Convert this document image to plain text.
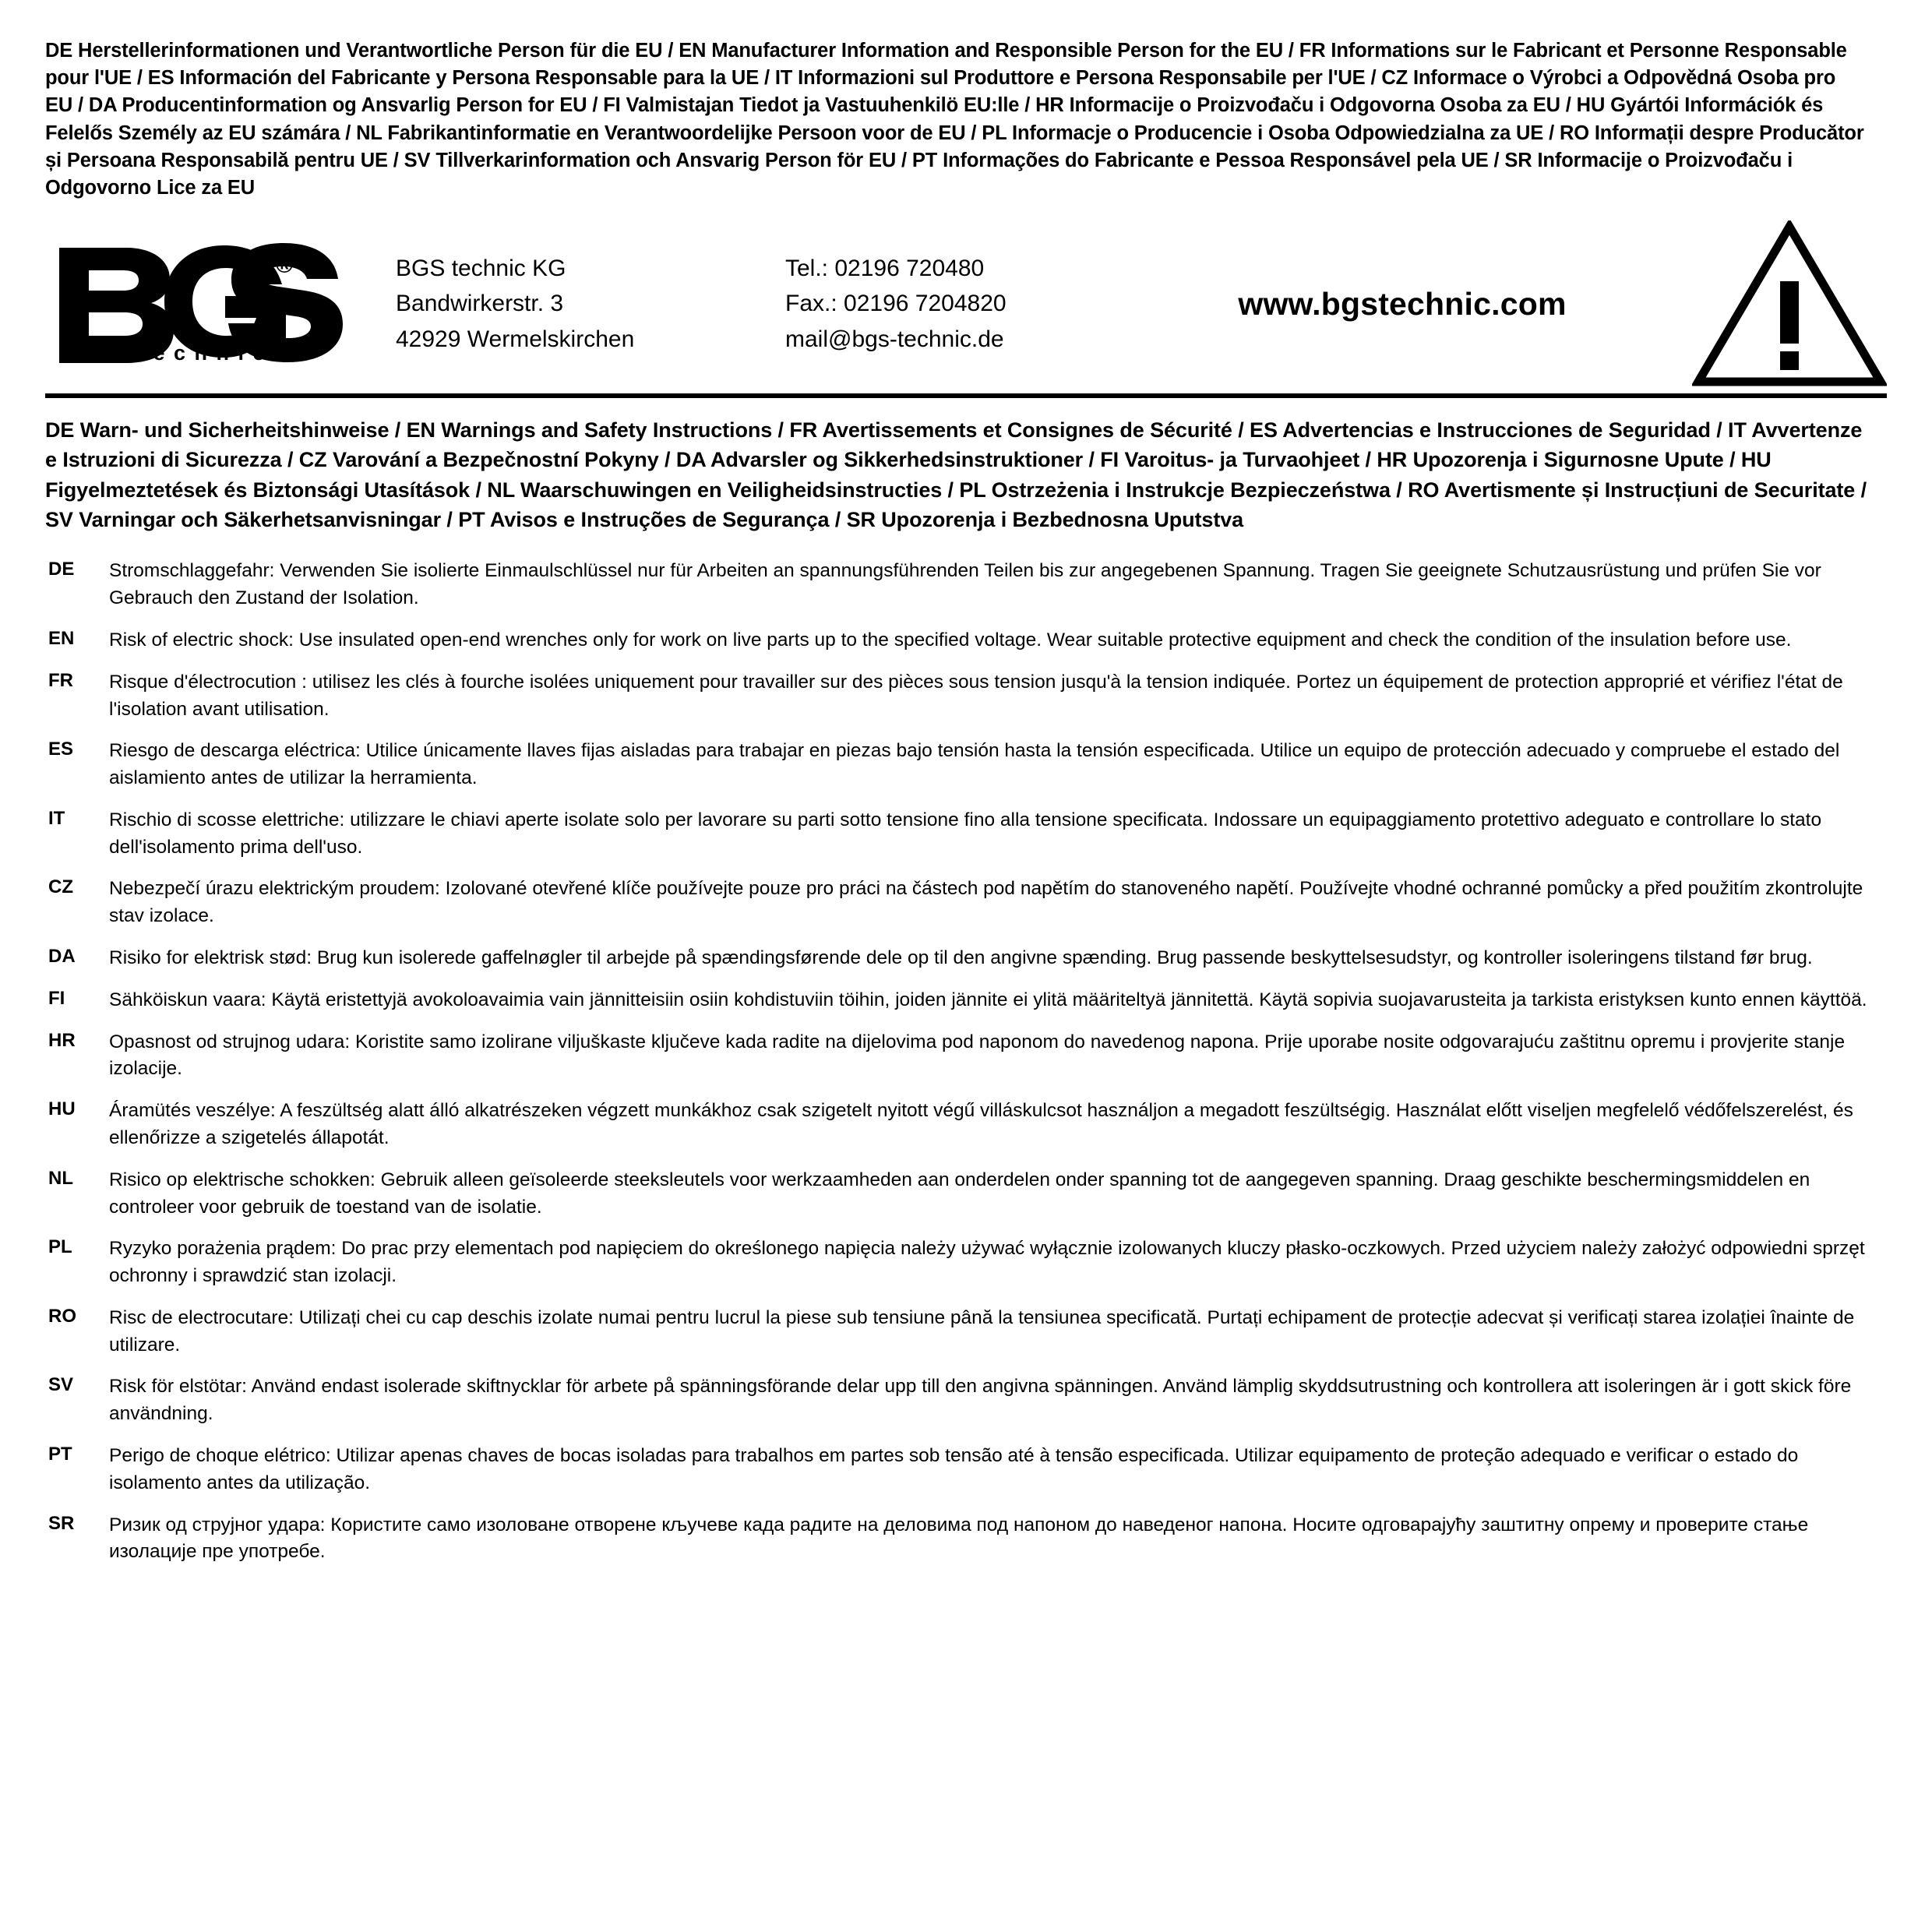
DE Herstellerinformationen und Verantwortliche Person für die EU / EN Manufacturer Information and Responsible Person for the EU / FR Informations sur le Fabricant et Personne Responsable pour l'UE / ES Información del Fabricante y Persona Responsable para la UE / IT Informazioni sul Produttore e Persona Responsabile per l'UE / CZ Informace o Výrobci a Odpovědná Osoba pro EU / DA Producentinformation og Ansvarlig Person for EU / FI Valmistajan Tiedot ja Vastuuhenkilö EU:lle / HR Informacije o Proizvođaču i Odgovorna Osoba za EU / HU Gyártói Információk és Felelős Személy az EU számára / NL Fabrikantinformatie en Verantwoordelijke Persoon voor de EU / PL Informacje o Producencie i Osoba Odpowiedzialna za UE / RO Informații despre Producător și Persoana Responsabilă pentru UE / SV Tillverkarinformation och Ansvarig Person för EU / PT Informações do Fabricante e Pessoa Responsável pela UE / SR Informacije o Proizvođaču i Odgovorno Lice za EU
®
t e c h n i c
BGS technic KG
Bandwirkerstr. 3
42929 Wermelskirchen
Tel.: 02196 720480
Fax.: 02196 7204820
mail@bgs-technic.de
www.bgstechnic.com
DE Warn- und Sicherheitshinweise / EN Warnings and Safety Instructions / FR Avertissements et Consignes de Sécurité / ES Advertencias e Instrucciones de Seguridad / IT Avvertenze e Istruzioni di Sicurezza / CZ Varování a Bezpečnostní Pokyny / DA Advarsler og Sikkerhedsinstruktioner / FI Varoitus- ja Turvaohjeet / HR Upozorenja i Sigurnosne Upute / HU Figyelmeztetések és Biztonsági Utasítások / NL Waarschuwingen en Veiligheidsinstructies / PL Ostrzeżenia i Instrukcje Bezpieczeństwa / RO Avertismente și Instrucțiuni de Securitate / SV Varningar och Säkerhetsanvisningar / PT Avisos e Instruções de Segurança / SR Upozorenja i Bezbednosna Uputstva
DE	Stromschlaggefahr: Verwenden Sie isolierte Einmaulschlüssel nur für Arbeiten an spannungsführenden Teilen bis zur angegebenen Spannung. Tragen Sie geeignete Schutzausrüstung und prüfen Sie vor Gebrauch den Zustand der Isolation.
EN	Risk of electric shock: Use insulated open-end wrenches only for work on live parts up to the specified voltage. Wear suitable protective equipment and check the condition of the insulation before use.
FR	Risque d'électrocution : utilisez les clés à fourche isolées uniquement pour travailler sur des pièces sous tension jusqu'à la tension indiquée. Portez un équipement de protection approprié et vérifiez l'état de l'isolation avant utilisation.
ES	Riesgo de descarga eléctrica: Utilice únicamente llaves fijas aisladas para trabajar en piezas bajo tensión hasta la tensión especificada. Utilice un equipo de protección adecuado y compruebe el estado del aislamiento antes de utilizar la herramienta.
IT	Rischio di scosse elettriche: utilizzare le chiavi aperte isolate solo per lavorare su parti sotto tensione fino alla tensione specificata. Indossare un equipaggiamento protettivo adeguato e controllare lo stato dell'isolamento prima dell'uso.
CZ	Nebezpečí úrazu elektrickým proudem: Izolované otevřené klíče používejte pouze pro práci na částech pod napětím do stanoveného napětí. Používejte vhodné ochranné pomůcky a před použitím zkontrolujte stav izolace.
DA	Risiko for elektrisk stød: Brug kun isolerede gaffelnøgler til arbejde på spændingsførende dele op til den angivne spænding. Brug passende beskyttelsesudstyr, og kontroller isoleringens tilstand før brug.
FI	Sähköiskun vaara: Käytä eristettyjä avokoloavaimia vain jännitteisiin osiin kohdistuviin töihin, joiden jännite ei ylitä määriteltyä jännitettä. Käytä sopivia suojavarusteita ja tarkista eristyksen kunto ennen käyttöä.
HR	Opasnost od strujnog udara: Koristite samo izolirane viljuškaste ključeve kada radite na dijelovima pod naponom do navedenog napona. Prije uporabe nosite odgovarajuću zaštitnu opremu i provjerite stanje izolacije.
HU	Áramütés veszélye: A feszültség alatt álló alkatrészeken végzett munkákhoz csak szigetelt nyitott végű villáskulcsot használjon a megadott feszültségig. Használat előtt viseljen megfelelő védőfelszerelést, és ellenőrizze a szigetelés állapotát.
NL	Risico op elektrische schokken: Gebruik alleen geïsoleerde steeksleutels voor werkzaamheden aan onderdelen onder spanning tot de aangegeven spanning. Draag geschikte beschermingsmiddelen en controleer voor gebruik de toestand van de isolatie.
PL	Ryzyko porażenia prądem: Do prac przy elementach pod napięciem do określonego napięcia należy używać wyłącznie izolowanych kluczy płasko-oczkowych. Przed użyciem należy założyć odpowiedni sprzęt ochronny i sprawdzić stan izolacji.
RO	Risc de electrocutare: Utilizați chei cu cap deschis izolate numai pentru lucrul la piese sub tensiune până la tensiunea specificată. Purtați echipament de protecție adecvat și verificați starea izolației înainte de utilizare.
SV	Risk för elstötar: Använd endast isolerade skiftnycklar för arbete på spänningsförande delar upp till den angivna spänningen. Använd lämplig skyddsutrustning och kontrollera att isoleringen är i gott skick före användning.
PT	Perigo de choque elétrico: Utilizar apenas chaves de bocas isoladas para trabalhos em partes sob tensão até à tensão especificada. Utilizar equipamento de proteção adequado e verificar o estado do isolamento antes da utilização.
SR	Ризик од струјног удара: Користите само изоловане отворене кључеве када радите на деловима под напоном до наведеног напона. Носите одговарајућу заштитну опрему и проверите стање изолације пре употребе.
